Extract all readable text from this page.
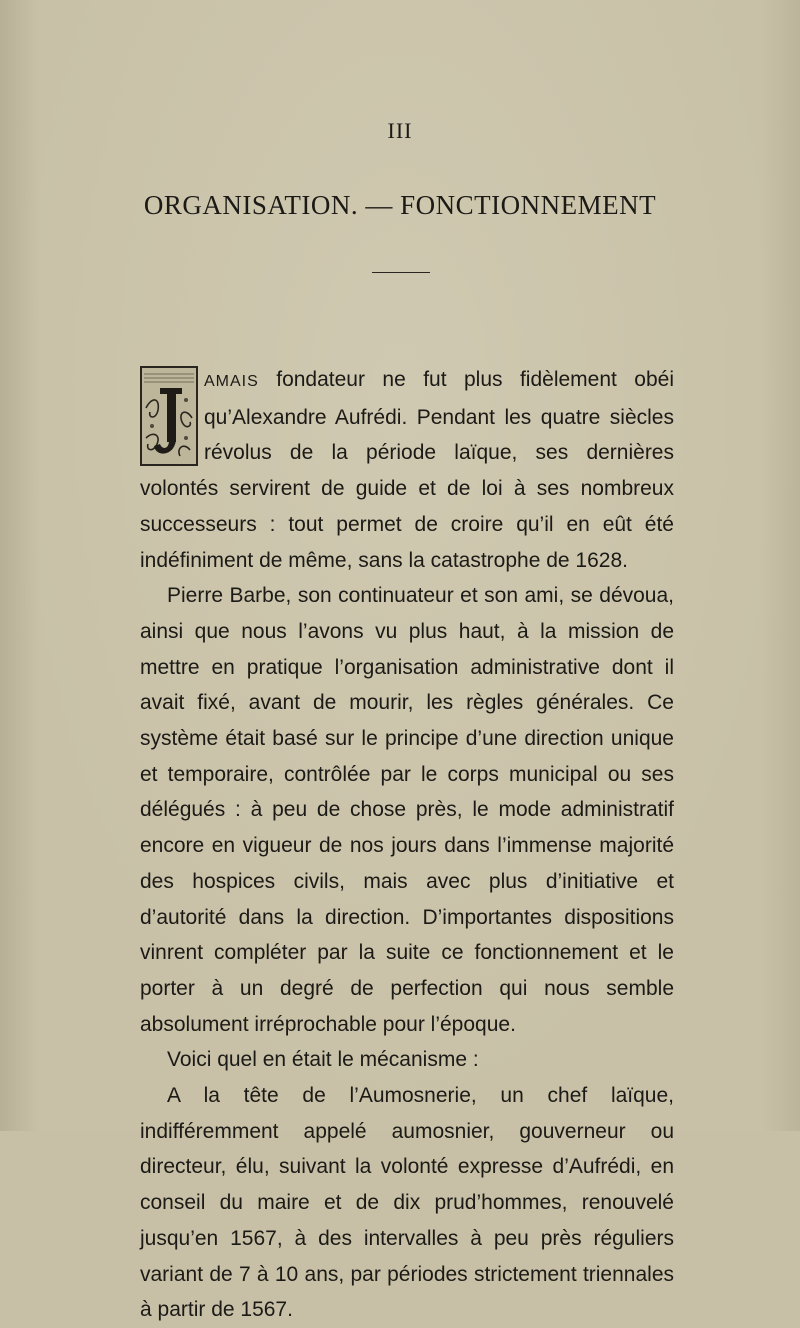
III
ORGANISATION. — FONCTIONNEMENT

AMAIS fondateur ne fut plus fidèlement obéi qu’Alexandre Aufrédi. Pendant les quatre siècles révolus de la période laïque, ses dernières volontés servirent de guide et de loi à ses nombreux successeurs : tout permet de croire qu’il en eût été indéfiniment de même, sans la catastrophe de 1628.

Pierre Barbe, son continuateur et son ami, se dévoua, ainsi que nous l’avons vu plus haut, à la mission de mettre en pratique l’organisation administrative dont il avait fixé, avant de mourir, les règles générales. Ce système était basé sur le principe d’une direction unique et temporaire, contrôlée par le corps municipal ou ses délégués : à peu de chose près, le mode administratif encore en vigueur de nos jours dans l’immense majorité des hospices civils, mais avec plus d’initiative et d’autorité dans la direction. D’importantes dispositions vinrent compléter par la suite ce fonctionnement et le porter à un degré de perfection qui nous semble absolument irréprochable pour l’époque.

Voici quel en était le mécanisme :

A la tête de l’Aumosnerie, un chef laïque, indifféremment appelé aumosnier, gouverneur ou directeur, élu, suivant la volonté expresse d’Aufrédi, en conseil du maire et de dix prud’hommes, renouvelé jusqu’en 1567, à des intervalles à peu près réguliers variant de 7 à 10 ans, par périodes strictement triennales à partir de 1567.
